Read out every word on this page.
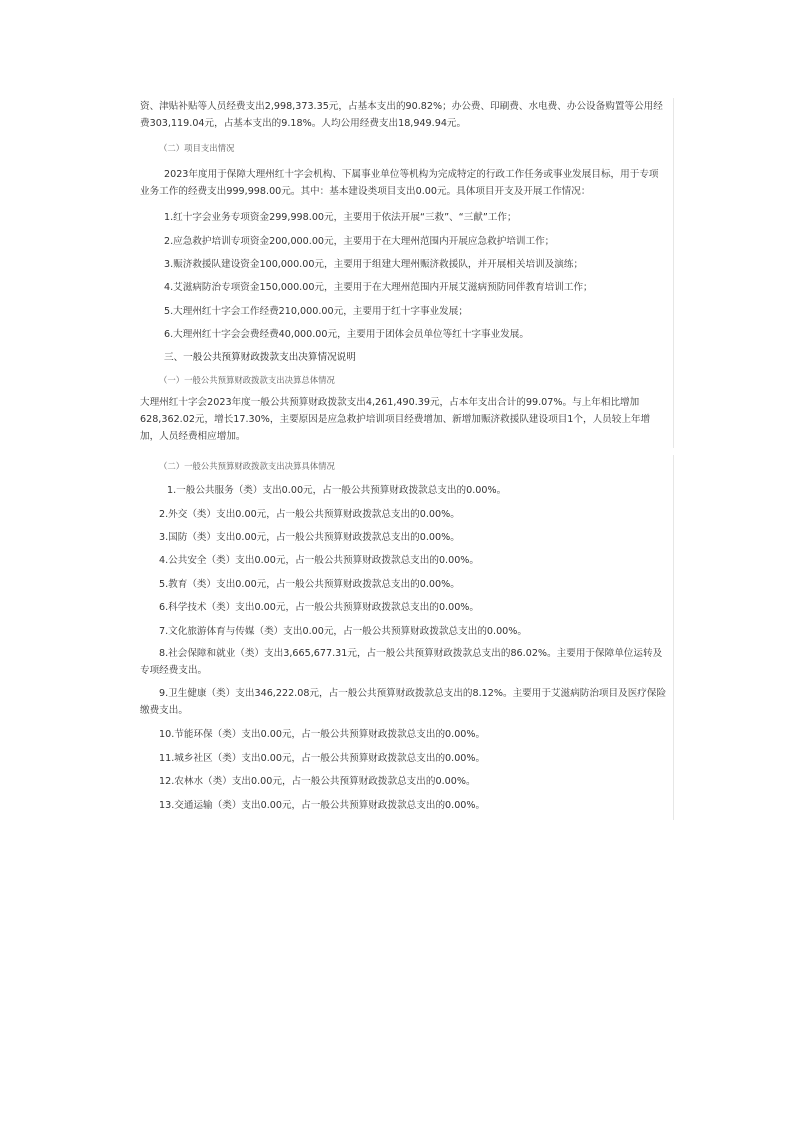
资、津贴补贴等人员经费支出2,998,373.35元，占基本支出的90.82%；办公费、印刷费、水电费、办公设备购置等公用经费303,119.04元，占基本支出的9.18%。人均公用经费支出18,949.94元。
（二）项目支出情况
2023年度用于保障大理州红十字会机构、下属事业单位等机构为完成特定的行政工作任务或事业发展目标，用于专项业务工作的经费支出999,998.00元。其中：基本建设类项目支出0.00元。具体项目开支及开展工作情况：
1.红十字会业务专项资金299,998.00元，主要用于依法开展“三救”、“三献”工作；
2.应急救护培训专项资金200,000.00元，主要用于在大理州范围内开展应急救护培训工作；
3.赈济救援队建设资金100,000.00元，主要用于组建大理州赈济救援队，并开展相关培训及演练；
4.艾滋病防治专项资金150,000.00元，主要用于在大理州范围内开展艾滋病预防同伴教育培训工作；
5.大理州红十字会工作经费210,000.00元，主要用于红十字事业发展；
6.大理州红十字会会费经费40,000.00元，主要用于团体会员单位等红十字事业发展。
三、一般公共预算财政拨款支出决算情况说明
（一）一般公共预算财政拨款支出决算总体情况
大理州红十字会2023年度一般公共预算财政拨款支出4,261,490.39元，占本年支出合计的99.07%。与上年相比增加628,362.02元，增长17.30%，主要原因是应急救护培训项目经费增加、新增加赈济救援队建设项目1个，人员较上年增加，人员经费相应增加。
（二）一般公共预算财政拨款支出决算具体情况
1.一般公共服务（类）支出0.00元，占一般公共预算财政拨款总支出的0.00%。
2.外交（类）支出0.00元，占一般公共预算财政拨款总支出的0.00%。
3.国防（类）支出0.00元，占一般公共预算财政拨款总支出的0.00%。
4.公共安全（类）支出0.00元，占一般公共预算财政拨款总支出的0.00%。
5.教育（类）支出0.00元，占一般公共预算财政拨款总支出的0.00%。
6.科学技术（类）支出0.00元，占一般公共预算财政拨款总支出的0.00%。
7.文化旅游体育与传媒（类）支出0.00元，占一般公共预算财政拨款总支出的0.00%。
8.社会保障和就业（类）支出3,665,677.31元，占一般公共预算财政拨款总支出的86.02%。主要用于保障单位运转及专项经费支出。
9.卫生健康（类）支出346,222.08元，占一般公共预算财政拨款总支出的8.12%。主要用于艾滋病防治项目及医疗保险缴费支出。
10.节能环保（类）支出0.00元，占一般公共预算财政拨款总支出的0.00%。
11.城乡社区（类）支出0.00元，占一般公共预算财政拨款总支出的0.00%。
12.农林水（类）支出0.00元，占一般公共预算财政拨款总支出的0.00%。
13.交通运输（类）支出0.00元，占一般公共预算财政拨款总支出的0.00%。
